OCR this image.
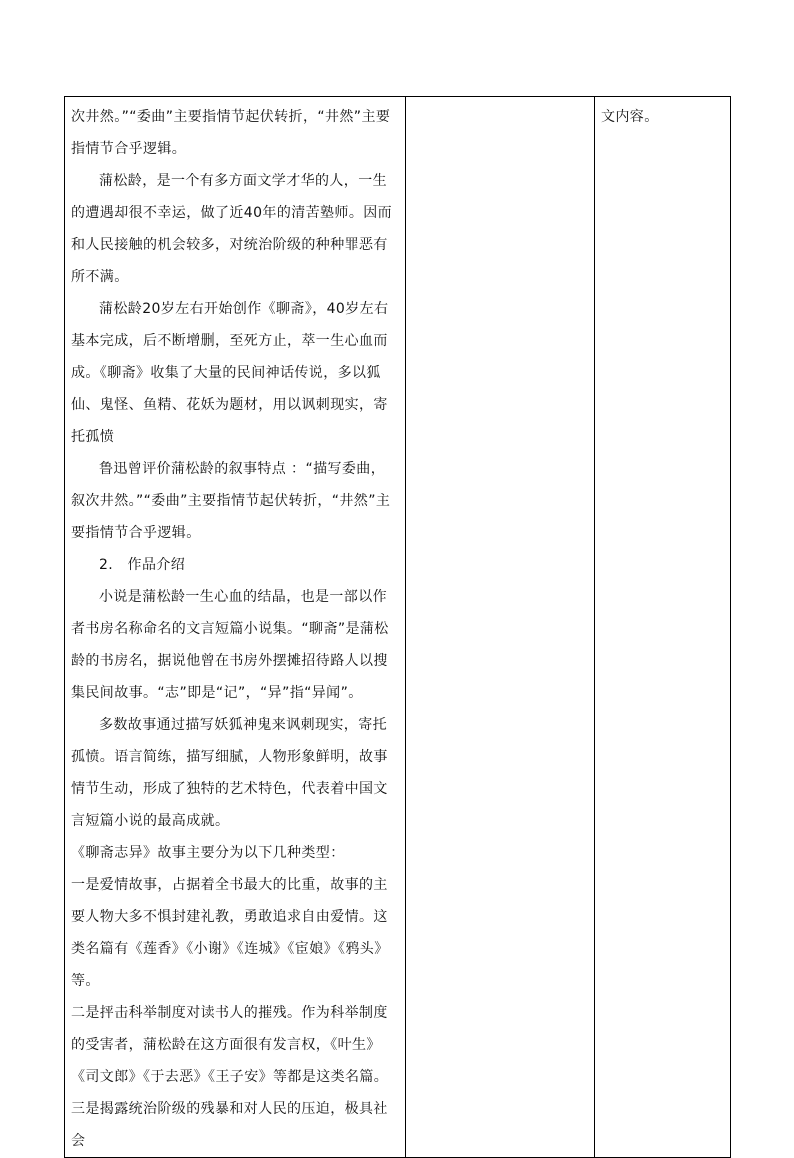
次井然。”“委曲”主要指情节起伏转折，“井然”主要指情节合乎逻辑。

蒲松龄，是一个有多方面文学才华的人，一生的遭遇却很不幸运，做了近40年的清苦塾师。因而和人民接触的机会较多，对统治阶级的种种罪恶有所不满。

蒲松龄20岁左右开始创作《聊斋》，40岁左右基本完成，后不断增删，至死方止，萃一生心血而成。《聊斋》收集了大量的民间神话传说，多以狐仙、鬼怪、鱼精、花妖为题材，用以讽刺现实，寄托孤愤

鲁迅曾评价蒲松龄的叙事特点 ：“描写委曲，叙次井然。”“委曲”主要指情节起伏转折，“井然”主要指情节合乎逻辑。

2.　作品介绍

小说是蒲松龄一生心血的结晶，也是一部以作者书房名称命名的文言短篇小说集。“聊斋”是蒲松龄的书房名，据说他曾在书房外摆摊招待路人以搜集民间故事。“志”即是“记”，“异”指“异闻”。

多数故事通过描写妖狐神鬼来讽刺现实，寄托孤愤。语言简练，描写细腻，人物形象鲜明，故事情节生动，形成了独特的艺术特色，代表着中国文言短篇小说的最高成就。

《聊斋志异》故事主要分为以下几种类型：

一是爱情故事，占据着全书最大的比重，故事的主要人物大多不惧封建礼教，勇敢追求自由爱情。这类名篇有《莲香》《小谢》《连城》《宦娘》《鸦头》等。

二是抨击科举制度对读书人的摧残。作为科举制度的受害者，蒲松龄在这方面很有发言权，《叶生》《司文郎》《于去恶》《王子安》等都是这类名篇。

三是揭露统治阶级的残暴和对人民的压迫，极具社会

文内容。
